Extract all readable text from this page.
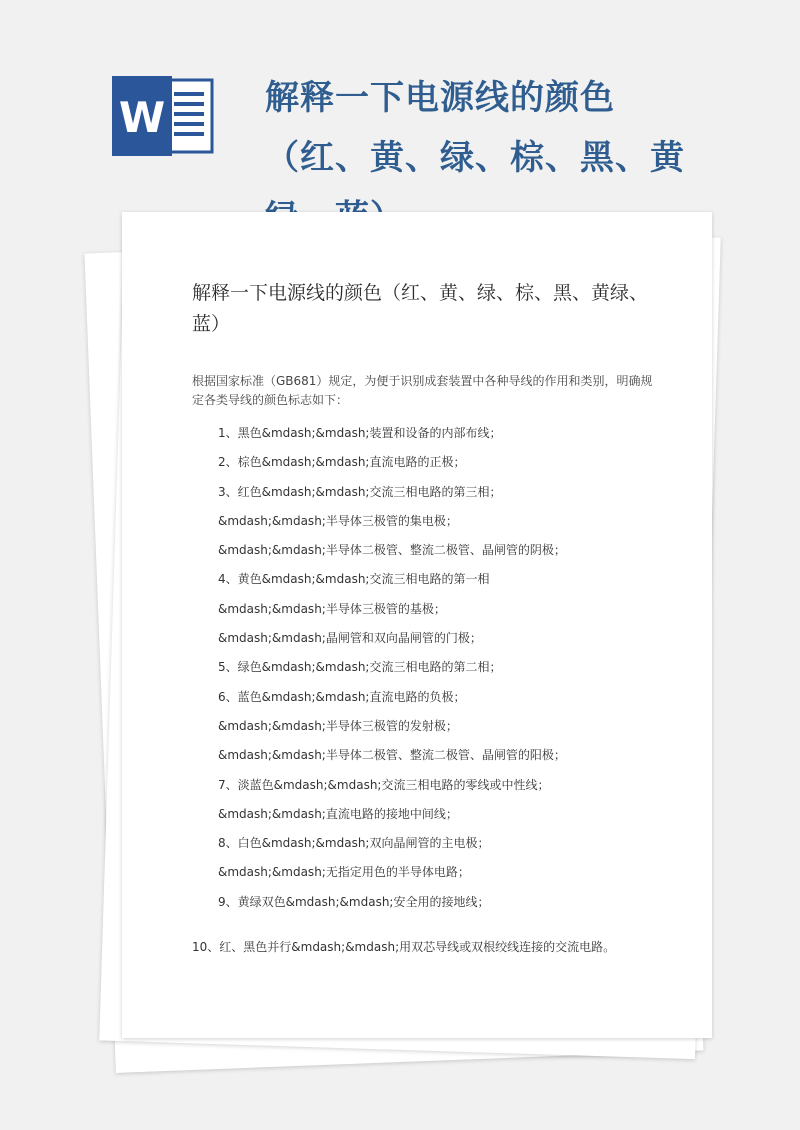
W	解释一下电源线的颜色（红、黄、绿、棕、黑、黄
解释一下电源线的颜色（红、黄、绿、棕、黑、黄绿、蓝）

根据国家标准（GB681）规定，为便于识别成套装置中各种导线的作用和类别，明确规定各类导线的颜色标志如下：

1、黑色&mdash;&mdash;装置和设备的内部布线；
2、棕色&mdash;&mdash;直流电路的正极；
3、红色&mdash;&mdash;交流三相电路的第三相；
&mdash;&mdash;半导体三极管的集电极；
&mdash;&mdash;半导体二极管、整流二极管、晶闸管的阴极；
4、黄色&mdash;&mdash;交流三相电路的第一相
&mdash;&mdash;半导体三极管的基极；
&mdash;&mdash;晶闸管和双向晶闸管的门极；
5、绿色&mdash;&mdash;交流三相电路的第二相；
6、蓝色&mdash;&mdash;直流电路的负极；
&mdash;&mdash;半导体三极管的发射极；
&mdash;&mdash;半导体二极管、整流二极管、晶闸管的阳极；
7、淡蓝色&mdash;&mdash;交流三相电路的零线或中性线；
&mdash;&mdash;直流电路的接地中间线；
8、白色&mdash;&mdash;双向晶闸管的主电极；
&mdash;&mdash;无指定用色的半导体电路；
9、黄绿双色&mdash;&mdash;安全用的接地线；

10、红、黑色并行&mdash;&mdash;用双芯导线或双根绞线连接的交流电路。
